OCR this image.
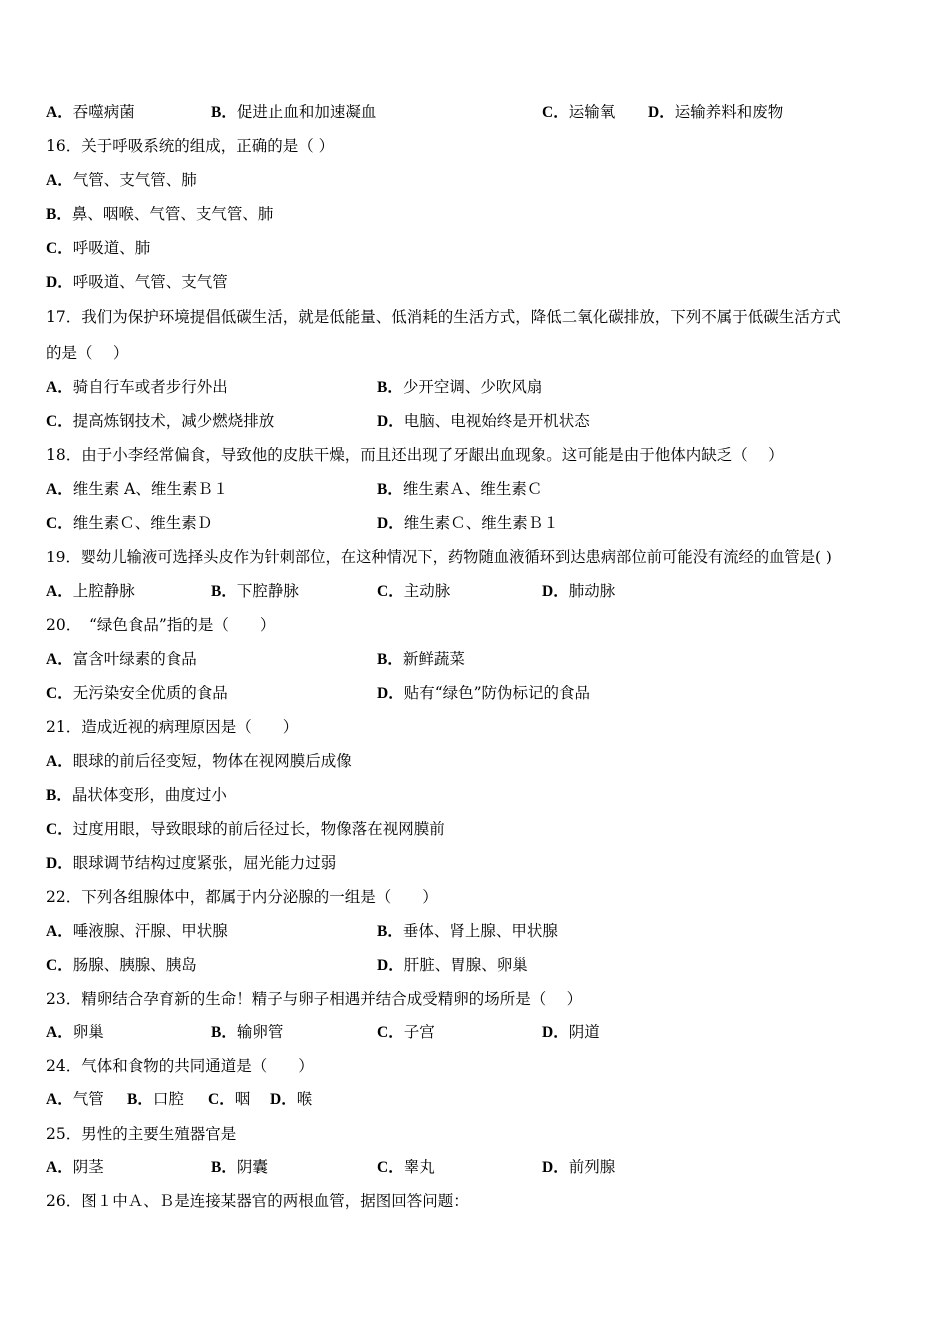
A．吞噬病菌	B．促进止血和加速凝血	C．运输氧 D．运输养料和废物
16．关于呼吸系统的组成，正确的是（ ）
A．气管、支气管、肺
B．鼻、咽喉、气管、支气管、肺
C．呼吸道、肺
D．呼吸道、气管、支气管
17．我们为保护环境提倡低碳生活，就是低能量、低消耗的生活方式，降低二氧化碳排放，下列不属于低碳生活方式
的是（　 ）
A．骑自行车或者步行外出	B．少开空调、少吹风扇
C．提高炼钢技术，减少燃烧排放	D．电脑、电视始终是开机状态
18．由于小李经常偏食，导致他的皮肤干燥，而且还出现了牙龈出血现象。这可能是由于他体内缺乏（　 ）
A．维生素 A、维生素Ｂ１	B．维生素Ａ、维生素Ｃ
C．维生素Ｃ、维生素Ｄ	D．维生素Ｃ、维生素Ｂ１
19．婴幼儿输液可选择头皮作为针刺部位，在这种情况下，药物随血液循环到达患病部位前可能没有流经的血管是( )
A．上腔静脉	B．下腔静脉	C．主动脉	D．肺动脉
20．　“绿色食品”指的是（　　）
A．富含叶绿素的食品	B．新鲜蔬菜
C．无污染安全优质的食品	D．贴有“绿色”防伪标记的食品
21．造成近视的病理原因是（　　）
A．眼球的前后径变短，物体在视网膜后成像
B．晶状体变形，曲度过小
C．过度用眼，导致眼球的前后径过长，物像落在视网膜前
D．眼球调节结构过度紧张，屈光能力过弱
22．下列各组腺体中，都属于内分泌腺的一组是（　　）
A．唾液腺、汗腺、甲状腺	B．垂体、肾上腺、甲状腺
C．肠腺、胰腺、胰岛	D．肝脏、胃腺、卵巢
23．精卵结合孕育新的生命！精子与卵子相遇并结合成受精卵的场所是（　 ）
A．卵巢	B．输卵管	C．子宫	D．阴道
24．气体和食物的共同通道是（　　）
A．气管 B．口腔 C．咽 D．喉
25．男性的主要生殖器官是
A．阴茎	B．阴囊	C．睾丸	D．前列腺
26．图１中Ａ、Ｂ是连接某器官的两根血管，据图回答问题：
